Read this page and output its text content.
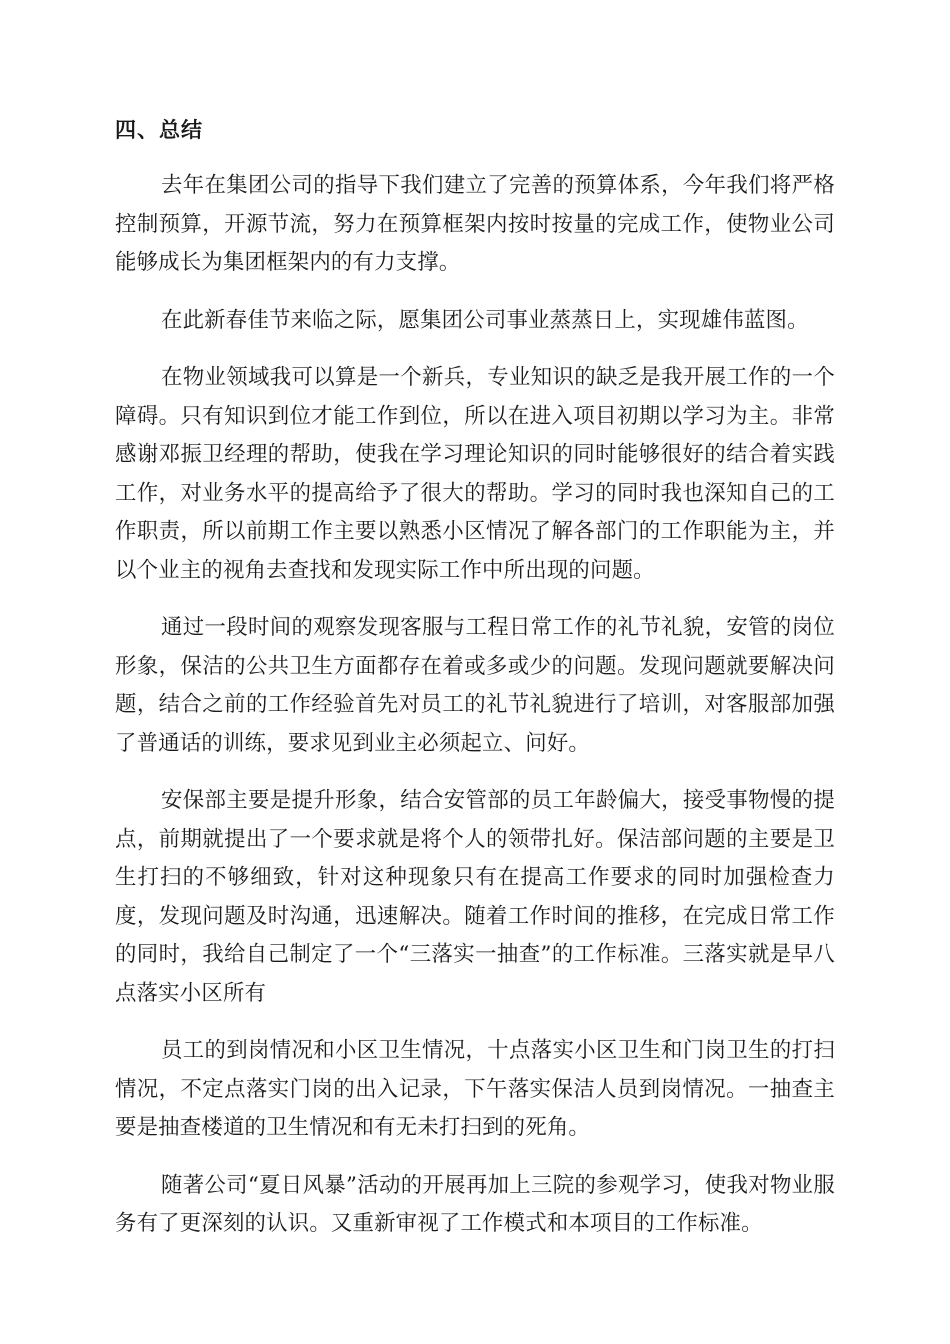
四、总结

去年在集团公司的指导下我们建立了完善的预算体系，今年我们将严格控制预算，开源节流，努力在预算框架内按时按量的完成工作，使物业公司能够成长为集团框架内的有力支撑。

在此新春佳节来临之际，愿集团公司事业蒸蒸日上，实现雄伟蓝图。

在物业领域我可以算是一个新兵，专业知识的缺乏是我开展工作的一个障碍。只有知识到位才能工作到位，所以在进入项目初期以学习为主。非常感谢邓振卫经理的帮助，使我在学习理论知识的同时能够很好的结合着实践工作，对业务水平的提高给予了很大的帮助。学习的同时我也深知自己的工作职责，所以前期工作主要以熟悉小区情况了解各部门的工作职能为主，并以个业主的视角去查找和发现实际工作中所出现的问题。

通过一段时间的观察发现客服与工程日常工作的礼节礼貌，安管的岗位形象，保洁的公共卫生方面都存在着或多或少的问题。发现问题就要解决问题，结合之前的工作经验首先对员工的礼节礼貌进行了培训，对客服部加强了普通话的训练，要求见到业主必须起立、问好。

安保部主要是提升形象，结合安管部的员工年龄偏大，接受事物慢的提点，前期就提出了一个要求就是将个人的领带扎好。保洁部问题的主要是卫生打扫的不够细致，针对这种现象只有在提高工作要求的同时加强检查力度，发现问题及时沟通，迅速解决。随着工作时间的推移，在完成日常工作的同时，我给自己制定了一个“三落实一抽查”的工作标准。三落实就是早八点落实小区所有

员工的到岗情况和小区卫生情况，十点落实小区卫生和门岗卫生的打扫情况，不定点落实门岗的出入记录，下午落实保洁人员到岗情况。一抽查主要是抽查楼道的卫生情况和有无未打扫到的死角。

随著公司“夏日风暴”活动的开展再加上三院的参观学习，使我对物业服务有了更深刻的认识。又重新审视了工作模式和本项目的工作标准。
